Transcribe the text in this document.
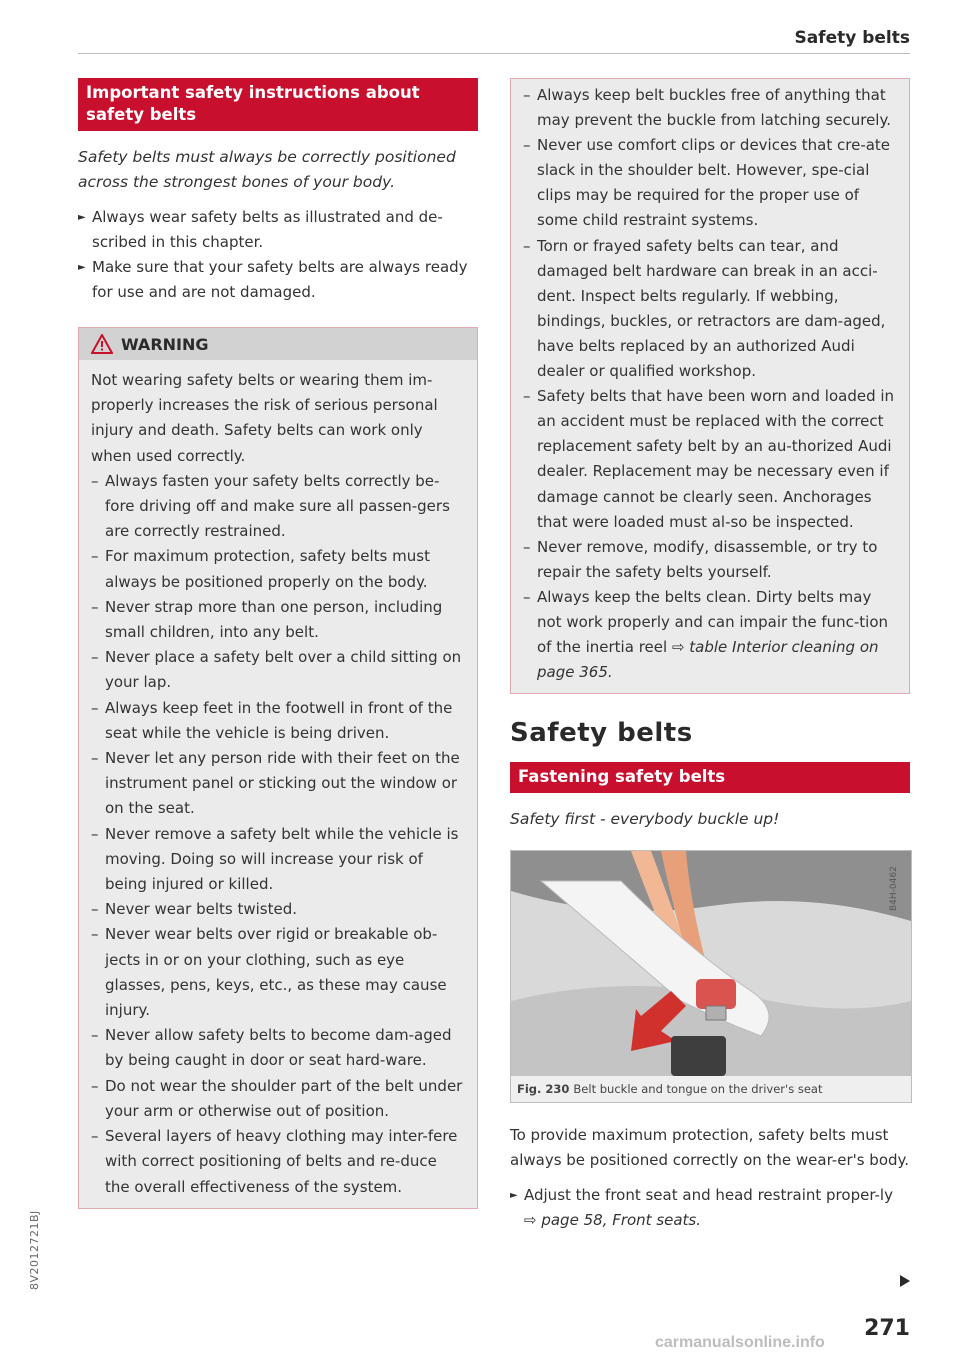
Safety belts
Important safety instructions about safety belts
Safety belts must always be correctly positioned across the strongest bones of your body.
► Always wear safety belts as illustrated and de-scribed in this chapter.
► Make sure that your safety belts are always ready for use and are not damaged.
WARNING

Not wearing safety belts or wearing them im-properly increases the risk of serious personal injury and death. Safety belts can work only when used correctly.

– Always fasten your safety belts correctly be-fore driving off and make sure all passen-gers are correctly restrained.
– For maximum protection, safety belts must always be positioned properly on the body.
– Never strap more than one person, including small children, into any belt.
– Never place a safety belt over a child sitting on your lap.
– Always keep feet in the footwell in front of the seat while the vehicle is being driven.
– Never let any person ride with their feet on the instrument panel or sticking out the window or on the seat.
– Never remove a safety belt while the vehicle is moving. Doing so will increase your risk of being injured or killed.
– Never wear belts twisted.
– Never wear belts over rigid or breakable ob-jects in or on your clothing, such as eye glasses, pens, keys, etc., as these may cause injury.
– Never allow safety belts to become dam-aged by being caught in door or seat hard-ware.
– Do not wear the shoulder part of the belt under your arm or otherwise out of position.
– Several layers of heavy clothing may inter-fere with correct positioning of belts and re-duce the overall effectiveness of the system.
– Always keep belt buckles free of anything that may prevent the buckle from latching securely.
– Never use comfort clips or devices that cre-ate slack in the shoulder belt. However, spe-cial clips may be required for the proper use of some child restraint systems.
– Torn or frayed safety belts can tear, and damaged belt hardware can break in an acci-dent. Inspect belts regularly. If webbing, bindings, buckles, or retractors are dam-aged, have belts replaced by an authorized Audi dealer or qualified workshop.
– Safety belts that have been worn and loaded in an accident must be replaced with the correct replacement safety belt by an au-thorized Audi dealer. Replacement may be necessary even if damage cannot be clearly seen. Anchorages that were loaded must al-so be inspected.
– Never remove, modify, disassemble, or try to repair the safety belts yourself.
– Always keep the belts clean. Dirty belts may not work properly and can impair the func-tion of the inertia reel ⇨ table Interior cleaning on page 365.
Safety belts
Fastening safety belts
Safety first - everybody buckle up!
B4H-0462
Fig. 230 Belt buckle and tongue on the driver's seat
To provide maximum protection, safety belts must always be positioned correctly on the wear-er's body.
► Adjust the front seat and head restraint proper-ly ⇨ page 58, Front seats.
271
8V2012721BJ
carmanualsonline.info
